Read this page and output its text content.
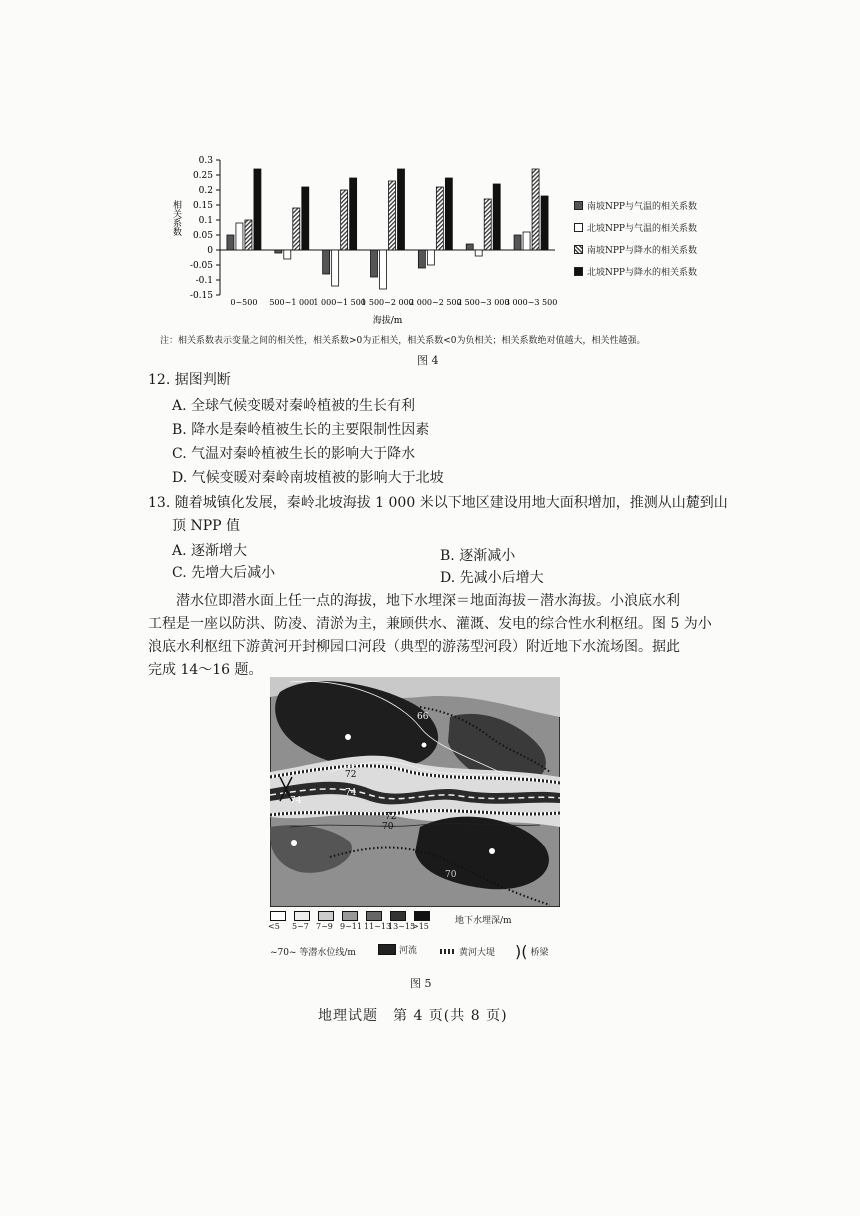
0.3
0.25
0.2
0.15
0.1
0.05
0
-0.05
-0.1
-0.15
相关系数
0~500 500~1 000 1 000~1 500
1 500~2 000
2 000~2 500
2 500~3 000
3 000~3 500
海拔/m
南坡NPP与气温的相关系数
北坡NPP与气温的相关系数
南坡NPP与降水的相关系数
北坡NPP与降水的相关系数
注：相关系数表示变量之间的相关性，相关系数>0为正相关，相关系数<0为负相关；相关系数绝对值越大，相关性越强。
图 4
12. 据图判断
A. 全球气候变暖对秦岭植被的生长有利
B. 降水是秦岭植被生长的主要限制性因素
C. 气温对秦岭植被生长的影响大于降水
D. 气候变暖对秦岭南坡植被的影响大于北坡
13. 随着城镇化发展，秦岭北坡海拔 1 000 米以下地区建设用地大面积增加，推测从山麓到山
顶 NPP 值
A. 逐渐增大	B. 逐渐减小
C. 先增大后减小	D. 先减小后增大
潜水位即潜水面上任一点的海拔，地下水埋深＝地面海拔－潜水海拔。小浪底水利
工程是一座以防洪、防凌、清淤为主，兼顾供水、灌溉、发电的综合性水利枢纽。图 5 为小
浪底水利枢纽下游黄河开封柳园口河段（典型的游荡型河段）附近地下水流场图。据此
完成 14～16 题。
66
72
74
74
70
72
70
<5 5~7 7~9 9~11 11~13
13~15
>15
地下水埋深/m
~70~ 等潜水位线/m	河流	黄河大堤 )( 桥梁
图 5
地理试题　第 4 页(共 8 页)
